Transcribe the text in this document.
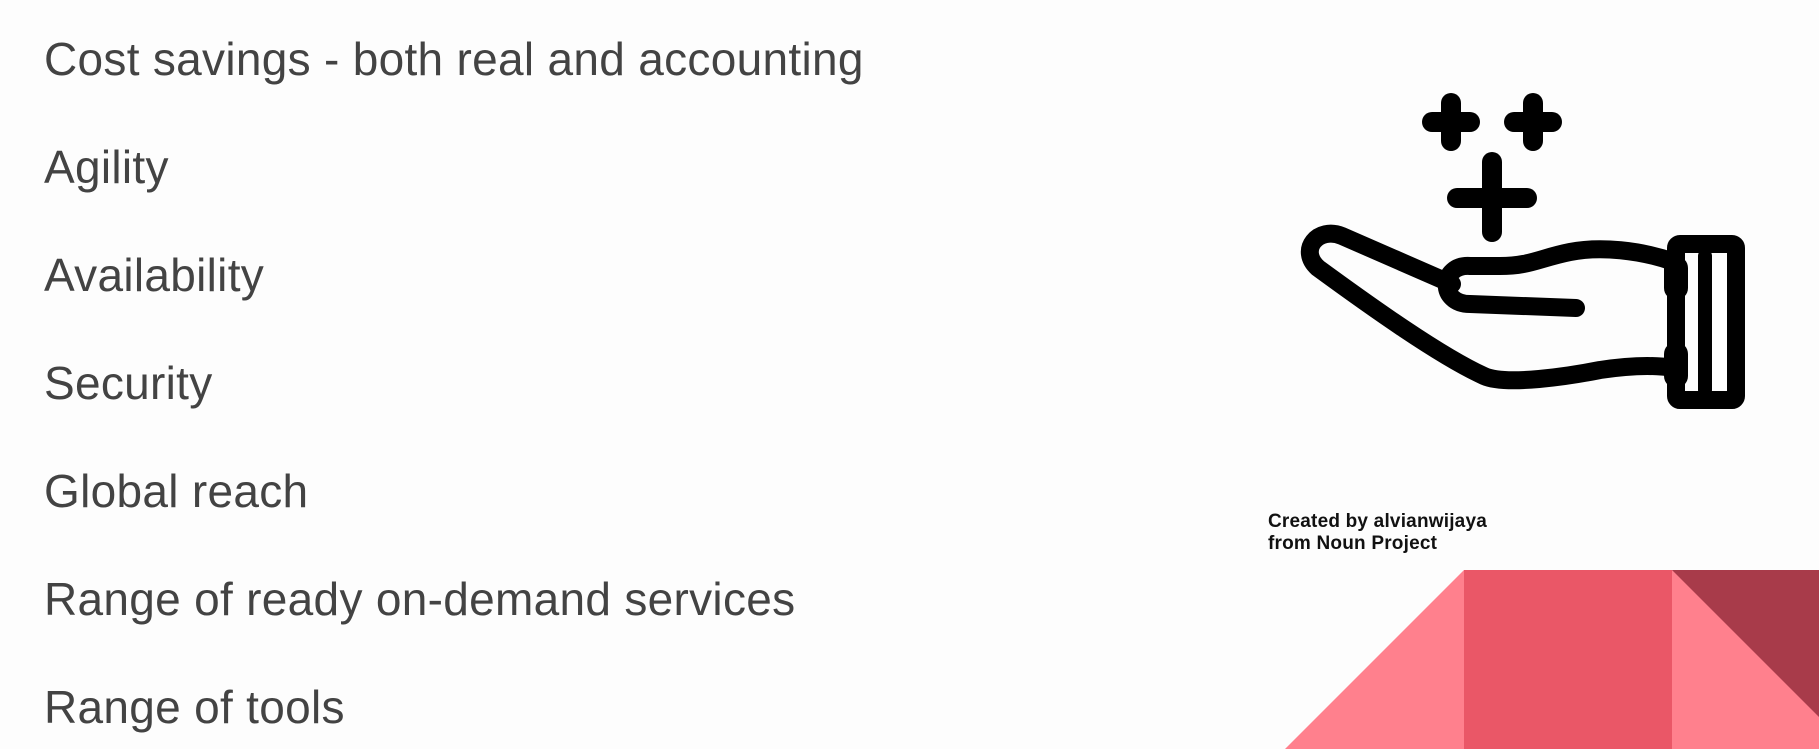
Cost savings - both real and accounting
Agility
Availability
Security
Global reach
Range of ready on-demand services
Range of tools
Created by alvianwijaya
from Noun Project
